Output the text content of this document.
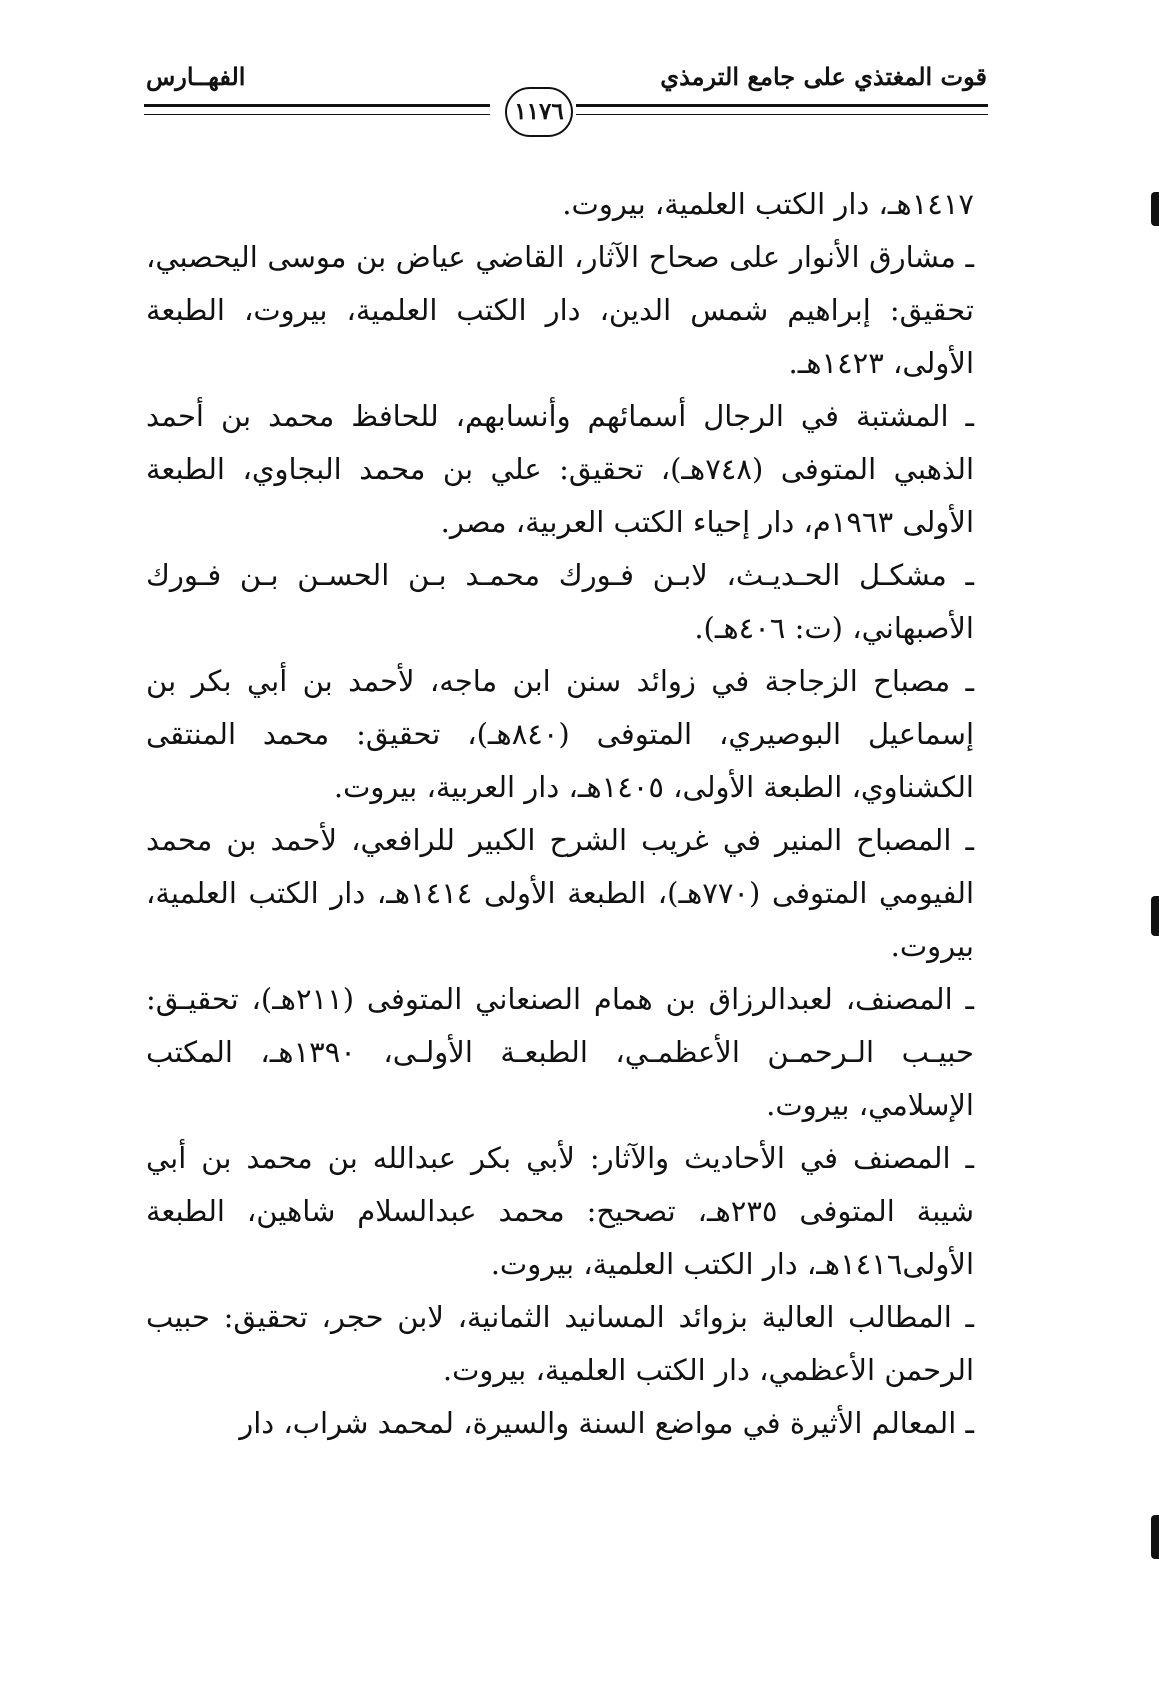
قوت المغتذي على جامع الترمذي
الفهــارس
١١٧٦
١٤١٧هـ، دار الكتب العلمية، بيروت.
ـ مشارق الأنوار على صحاح الآثار، القاضي عياض بن موسى اليحصبي، تحقيق: إبراهيم شمس الدين، دار الكتب العلمية، بيروت، الطبعة الأولى، ١٤٢٣هـ.
ـ المشتبة في الرجال أسمائهم وأنسابهم، للحافظ محمد بن أحمد الذهبي المتوفى (٧٤٨هـ)، تحقيق: علي بن محمد البجاوي، الطبعة الأولى ١٩٦٣م، دار إحياء الكتب العربية، مصر.
ـ مشكـل الحـديـث، لابـن فـورك محمـد بـن الحسـن بـن فـورك الأصبهاني، (ت: ٤٠٦هـ).
ـ مصباح الزجاجة في زوائد سنن ابن ماجه، لأحمد بن أبي بكر بن إسماعيل البوصيري، المتوفى (٨٤٠هـ)، تحقيق: محمد المنتقى الكشناوي، الطبعة الأولى، ١٤٠٥هـ، دار العربية، بيروت.
ـ المصباح المنير في غريب الشرح الكبير للرافعي، لأحمد بن محمد الفيومي المتوفى (٧٧٠هـ)، الطبعة الأولى ١٤١٤هـ، دار الكتب العلمية، بيروت.
ـ المصنف، لعبدالرزاق بن همام الصنعاني المتوفى (٢١١هـ)، تحقيـق: حبيـب الـرحمـن الأعظمـي، الطبعـة الأولـى، ١٣٩٠هـ، المكتب الإسلامي، بيروت.
ـ المصنف في الأحاديث والآثار: لأبي بكر عبدالله بن محمد بن أبي شيبة المتوفى ٢٣٥هـ، تصحيح: محمد عبدالسلام شاهين، الطبعة الأولى١٤١٦هـ، دار الكتب العلمية، بيروت.
ـ المطالب العالية بزوائد المسانيد الثمانية، لابن حجر، تحقيق: حبيب الرحمن الأعظمي، دار الكتب العلمية، بيروت.
ـ المعالم الأثيرة في مواضع السنة والسيرة، لمحمد شراب، دار
